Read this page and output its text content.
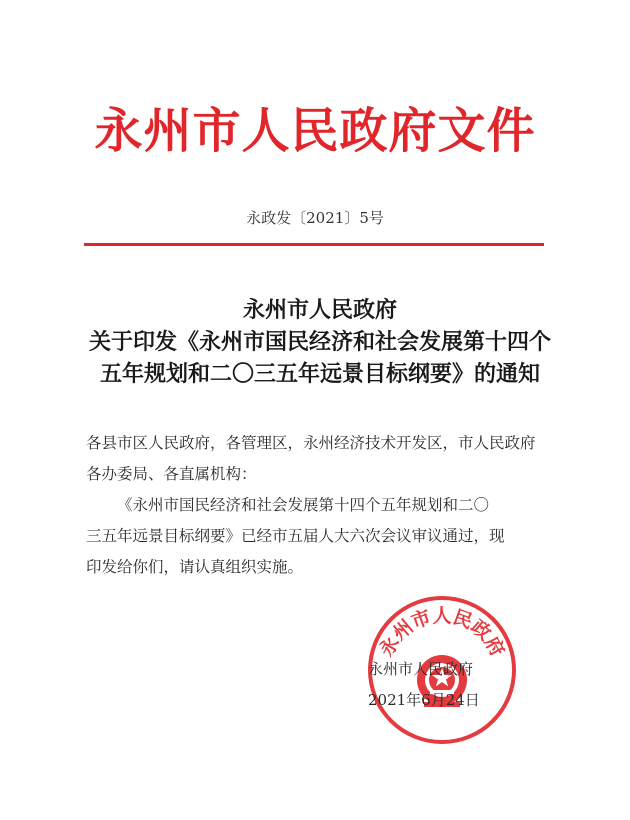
永州市人民政府文件
永政发〔2021〕5号
永州市人民政府
关于印发《永州市国民经济和社会发展第十四个
五年规划和二〇三五年远景目标纲要》的通知

各县市区人民政府，各管理区，永州经济技术开发区，市人民政府

各办委局、各直属机构：

《永州市国民经济和社会发展第十四个五年规划和二〇

三五年远景目标纲要》已经市五届人大六次会议审议通过，现

印发给你们，请认真组织实施。

永州市人民政府
永州市人民政府
2021年6月24日
